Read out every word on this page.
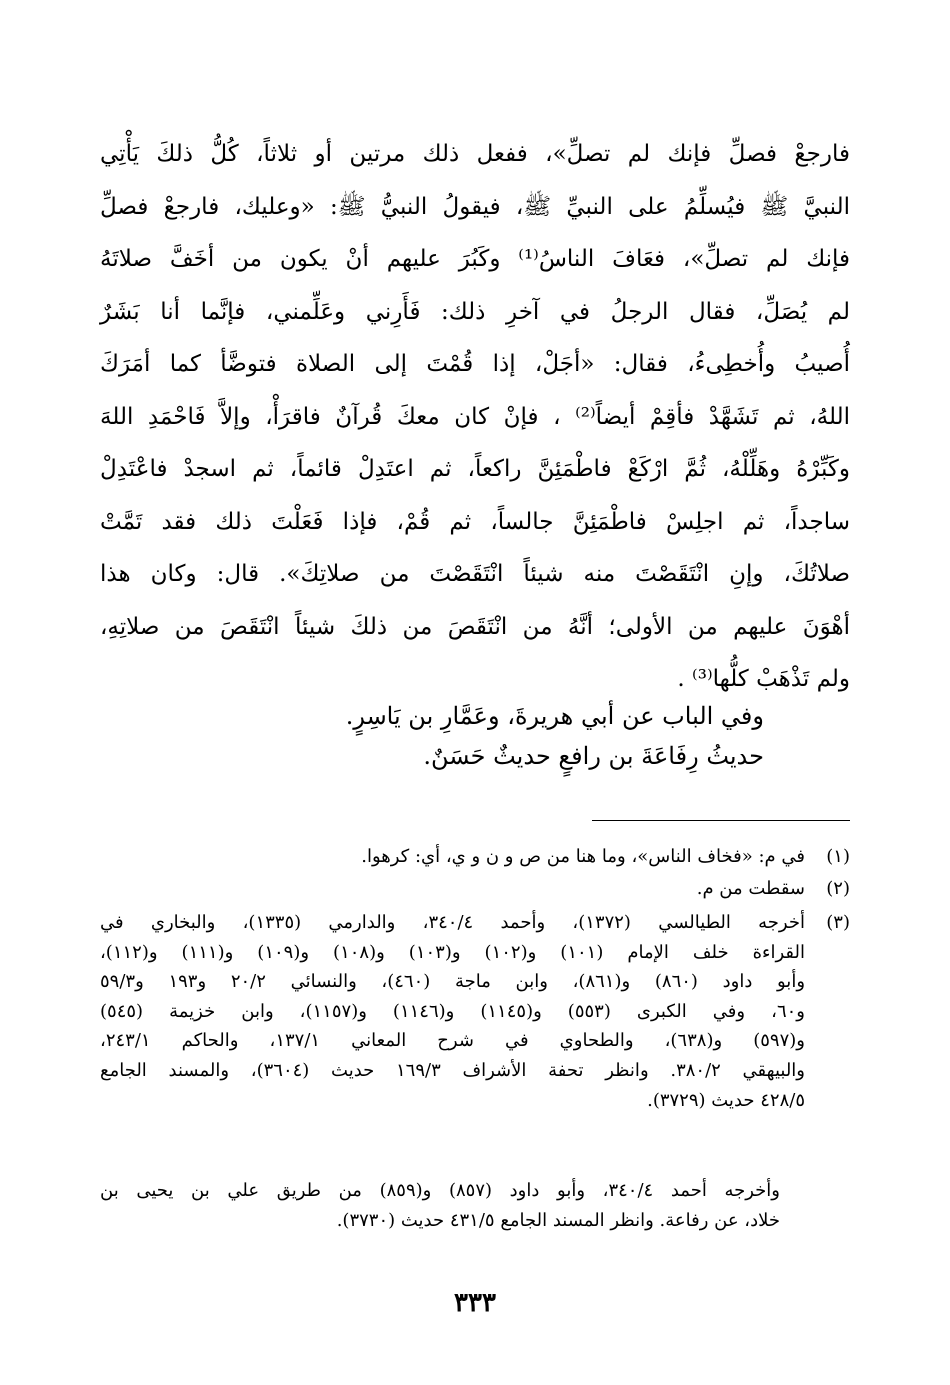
فارجعْ فصلِّ فإنك لم تصلِّ»، ففعل ذلك مرتين أو ثلاثاً، كُلُّ ذلكَ يَأْتِي
النبيَّ ﷺ فيُسلِّمُ على النبيِّ ﷺ، فيقولُ النبيُّ ﷺ: «وعليك، فارجعْ فصلِّ
فإنك لم تصلِّ»، فعَافَ الناسُ⁽¹⁾ وكَبُرَ عليهم أنْ يكون من أخَفَّ صلاتَهُ
لم يُصَلِّ، فقال الرجلُ في آخرِ ذلك: فَأَرِني وعَلِّمني، فإنَّما أنا بَشَرٌ
أُصيبُ وأُخطِىءُ، فقال: «أجَلْ، إذا قُمْتَ إلى الصلاة فتوضَّأ كما أمَرَكَ
اللهُ، ثم تَشَهَّدْ فأقِمْ أيضاً⁽²⁾ ، فإنْ كان معكَ قُرآنٌ فاقرَأْ، وإلاَّ فَاحْمَدِ اللهَ
وكَبِّرْهُ وهَلِّلْهُ، ثُمَّ ارْكَعْ فاطْمَئِنَّ راكعاً، ثم اعتَدِلْ قائماً، ثم اسجدْ فاعْتَدِلْ
ساجداً، ثم اجلِسْ فاطْمَئِنَّ جالساً، ثم قُمْ، فإذا فَعَلْتَ ذلك فقد تَمَّتْ
صلاتُكَ، وإنِ انْتَقَصْتَ منه شيئاً انْتَقَصْتَ من صلاتِكَ». قال: وكان هذا
أهْوَنَ عليهم من الأولى؛ أنَّهُ من انْتَقَصَ من ذلكَ شيئاً انْتَقَصَ من صلاتِهِ،
ولم تَذْهَبْ كلُّها⁽³⁾ .
وفي الباب عن أبي هريرةَ، وعَمَّارِ بن يَاسِرٍ.
حديثُ رِفَاعَةَ بن رافعٍ حديثٌ حَسَنٌ.
(١)
في م: «فخاف الناس»، وما هنا من ص و ن و ي، أي: كرهوا.
(٢)
سقطت من م.
(٣)
أخرجه الطيالسي (١٣٧٢)، وأحمد ٣٤٠/٤، والدارمي (١٣٣٥)، والبخاري في
القراءة خلف الإمام (١٠١) و(١٠٢) و(١٠٣) و(١٠٨) و(١٠٩) و(١١١) و(١١٢)،
وأبو داود (٨٦٠) و(٨٦١)، وابن ماجة (٤٦٠)، والنسائي ٢٠/٢ و١٩٣ و٥٩/٣
و٦٠، وفي الكبرى (٥٥٣) و(١١٤٥) و(١١٤٦) و(١١٥٧)، وابن خزيمة (٥٤٥)
و(٥٩٧) و(٦٣٨)، والطحاوي في شرح المعاني ١٣٧/١، والحاكم ٢٤٣/١،
والبيهقي ٣٨٠/٢. وانظر تحفة الأشراف ١٦٩/٣ حديث (٣٦٠٤)، والمسند الجامع
٤٢٨/٥ حديث (٣٧٢٩).
وأخرجه أحمد ٣٤٠/٤، وأبو داود (٨٥٧) و(٨٥٩) من طريق علي بن يحيى بن
خلاد، عن رفاعة. وانظر المسند الجامع ٤٣١/٥ حديث (٣٧٣٠).
٣٣٣
